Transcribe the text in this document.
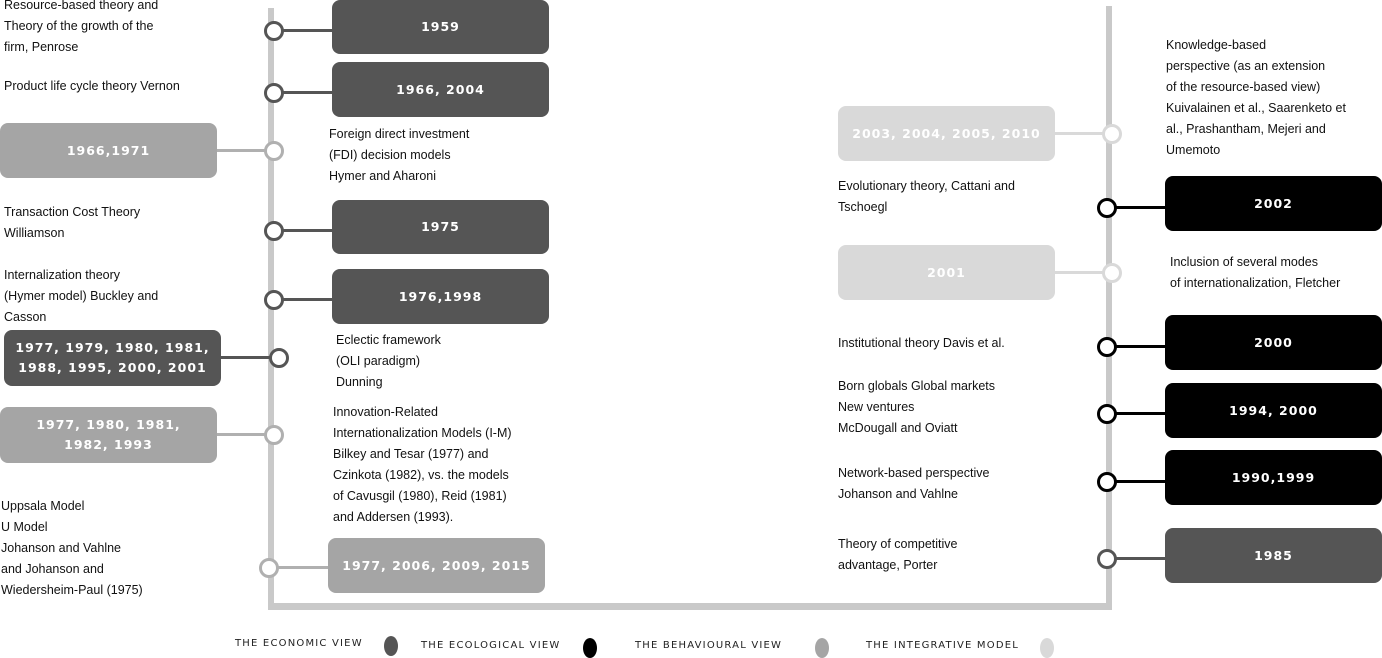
1959
Resource-based theory and
Theory of the growth of the
firm, Penrose
1966, 2004
Product life cycle theory Vernon
1966,1971
Foreign direct investment
(FDI) decision models
Hymer and Aharoni
1975
Transaction Cost Theory
Williamson
1976,1998
Internalization theory
(Hymer model) Buckley and
Casson
1977, 1979, 1980, 1981,
1988, 1995, 2000, 2001
Eclectic framework
(OLI paradigm)
Dunning
1977, 1980, 1981,
1982, 1993
Innovation-Related
Internationalization Models (I-M)
Bilkey and Tesar (1977) and
Czinkota (1982), vs. the models
of Cavusgil (1980), Reid (1981)
and Addersen (1993).
1977, 2006, 2009, 2015
Uppsala Model
U Model
Johanson and Vahlne
and Johanson and
Wiedersheim-Paul (1975)
2003, 2004, 2005, 2010
Knowledge-based
perspective (as an extension
of the resource-based view)
Kuivalainen et al., Saarenketo et
al., Prashantham, Mejeri and
Umemoto
2002
Evolutionary theory, Cattani and
Tschoegl
2001
Inclusion of several modes
of internationalization, Fletcher
2000
Institutional theory Davis et al.
1994, 2000
Born globals Global markets
New ventures
McDougall and Oviatt
1990,1999
Network-based perspective
Johanson and Vahlne
1985
Theory of competitive
advantage, Porter
THE ECONOMIC VIEW	THE ECOLOGICAL VIEW	THE BEHAVIOURAL VIEW	THE INTEGRATIVE MODEL
